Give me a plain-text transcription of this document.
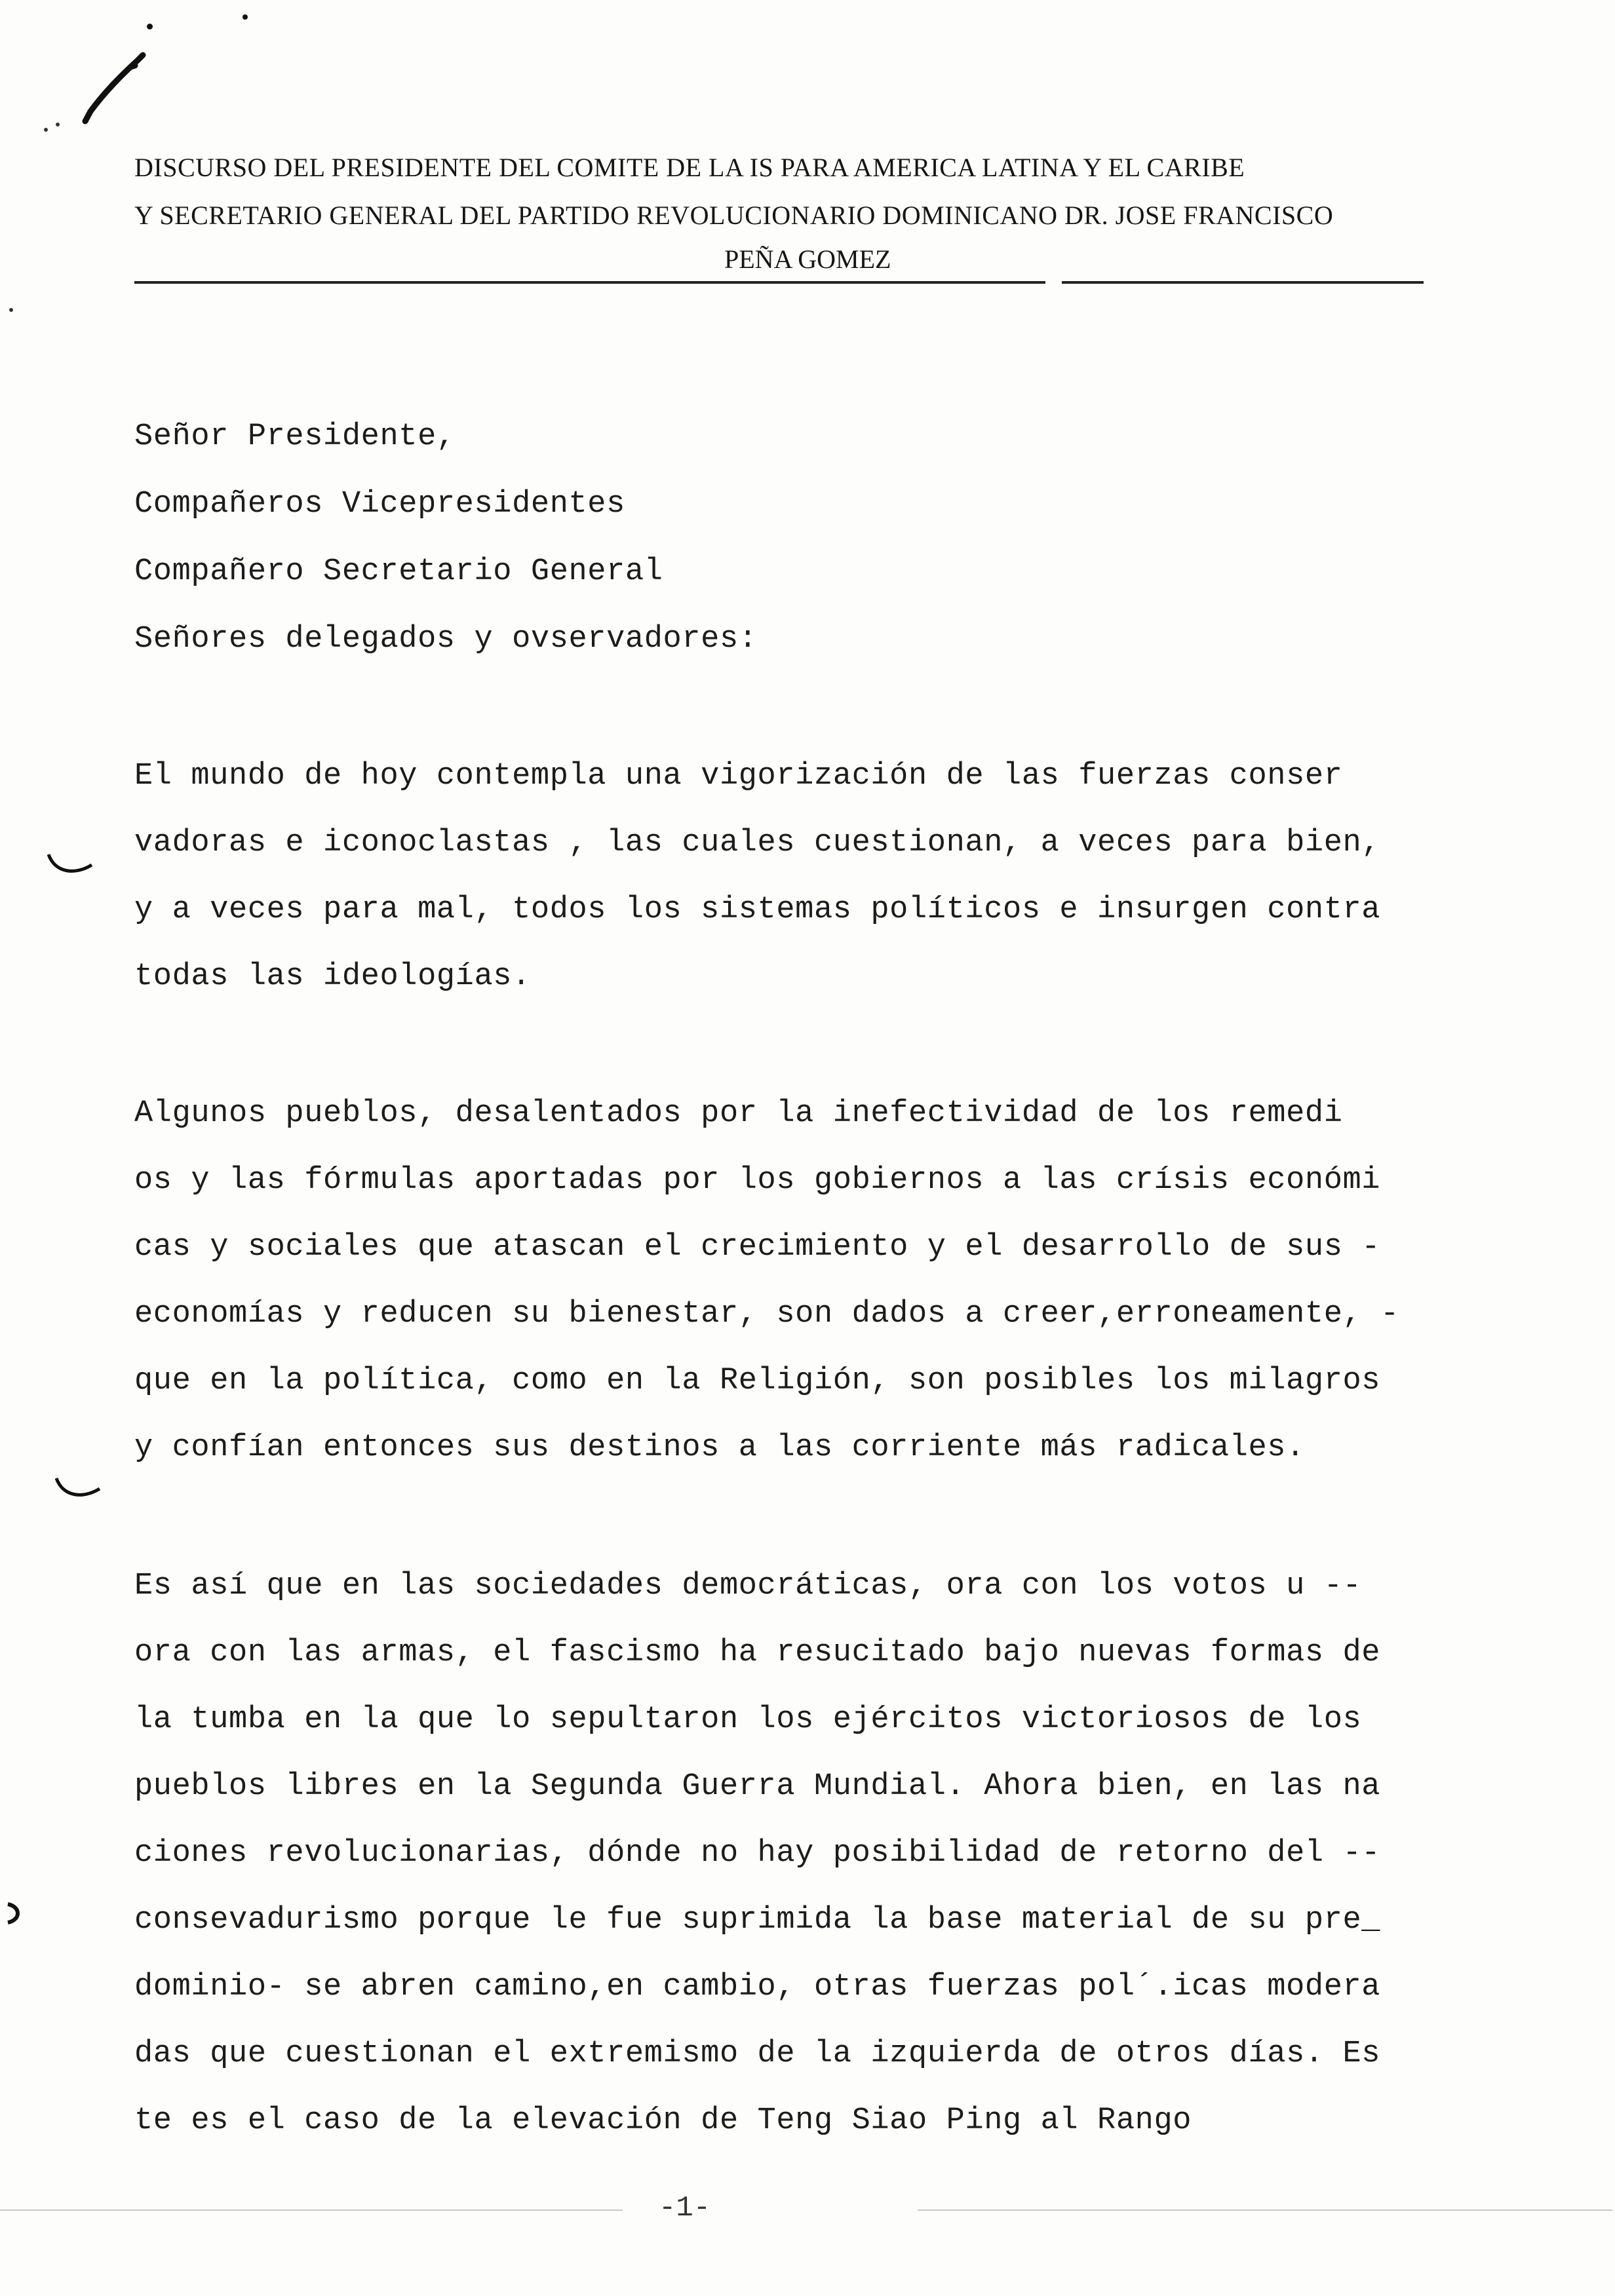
DISCURSO DEL PRESIDENTE DEL COMITE DE LA IS PARA AMERICA LATINA Y EL CARIBE
Y SECRETARIO GENERAL DEL PARTIDO REVOLUCIONARIO DOMINICANO DR. JOSE FRANCISCO
PEÑA GOMEZ
Señor Presidente,
Compañeros Vicepresidentes
Compañero Secretario General
Señores delegados y ovservadores:
El mundo de hoy contempla una vigorización de las fuerzas conser
vadoras e iconoclastas , las cuales cuestionan, a veces para bien,
y a veces para mal, todos los sistemas políticos e insurgen contra
todas las ideologías.
Algunos pueblos, desalentados por la inefectividad de los remedi
os y las fórmulas aportadas por los gobiernos a las crísis económi
cas y sociales que atascan el crecimiento y el desarrollo de sus -
economías y reducen su bienestar, son dados a creer,erroneamente, -
que en la política, como en la Religión, son posibles los milagros
y confían entonces sus destinos a las corriente más radicales.
Es así que en las sociedades democráticas, ora con los votos u --
ora con las armas, el fascismo ha resucitado bajo nuevas formas de
la tumba en la que lo sepultaron los ejércitos victoriosos de los
pueblos libres en la Segunda Guerra Mundial. Ahora bien, en las na
ciones revolucionarias, dónde no hay posibilidad de retorno del --
consevadurismo porque le fue suprimida la base material de su pre_
dominio- se abren camino,en cambio, otras fuerzas pol´.icas modera
das que cuestionan el extremismo de la izquierda de otros días. Es
te es el caso de la elevación de Teng Siao Ping al Rango
-1-
